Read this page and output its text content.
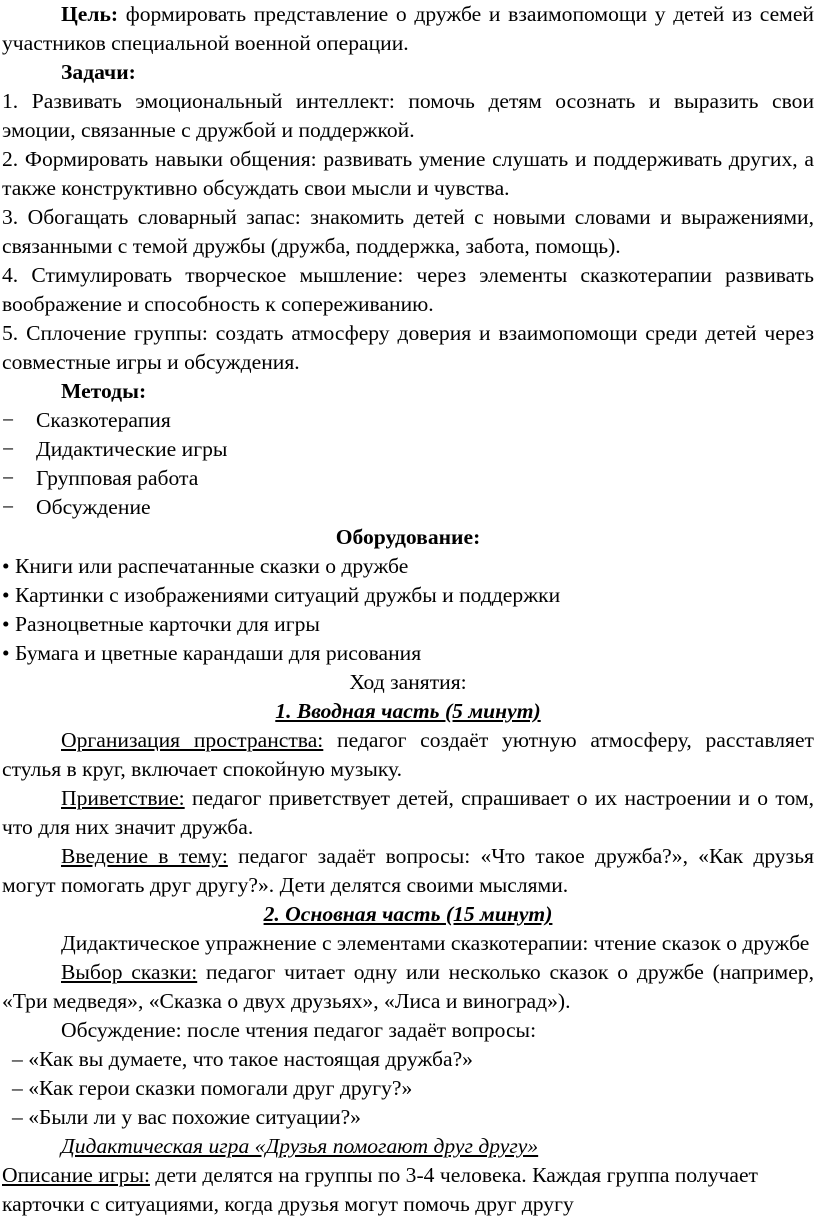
Цель: формировать представление о дружбе и взаимопомощи у детей из семей участников специальной военной операции.

Задачи:

1. Развивать эмоциональный интеллект: помочь детям осознать и выразить свои эмоции, связанные с дружбой и поддержкой.

2. Формировать навыки общения: развивать умение слушать и поддерживать других, а также конструктивно обсуждать свои мысли и чувства.

3. Обогащать словарный запас: знакомить детей с новыми словами и выражениями, связанными с темой дружбы (дружба, поддержка, забота, помощь).

4. Стимулировать творческое мышление: через элементы сказкотерапии развивать воображение и способность к сопереживанию.

5. Сплочение группы: создать атмосферу доверия и взаимопомощи среди детей через совместные игры и обсуждения.

Методы:

− Сказкотерапия

− Дидактические игры

− Групповая работа

− Обсуждение

Оборудование:

• Книги или распечатанные сказки о дружбе

• Картинки с изображениями ситуаций дружбы и поддержки

• Разноцветные карточки для игры

• Бумага и цветные карандаши для рисования

Ход занятия:

1. Вводная часть (5 минут)

Организация пространства: педагог создаёт уютную атмосферу, расставляет стулья в круг, включает спокойную музыку.

Приветствие: педагог приветствует детей, спрашивает о их настроении и о том, что для них значит дружба.

Введение в тему: педагог задаёт вопросы: «Что такое дружба?», «Как друзья могут помогать друг другу?». Дети делятся своими мыслями.

2. Основная часть (15 минут)

Дидактическое упражнение с элементами сказкотерапии: чтение сказок о дружбе

Выбор сказки: педагог читает одну или несколько сказок о дружбе (например, «Три медведя», «Сказка о двух друзьях», «Лиса и виноград»).

Обсуждение: после чтения педагог задаёт вопросы:

– «Как вы думаете, что такое настоящая дружба?»

– «Как герои сказки помогали друг другу?»

– «Были ли у вас похожие ситуации?»

Дидактическая игра «Друзья помогают друг другу»

Описание игры: дети делятся на группы по 3-4 человека. Каждая группа получает карточки с ситуациями, когда друзья могут помочь друг другу
